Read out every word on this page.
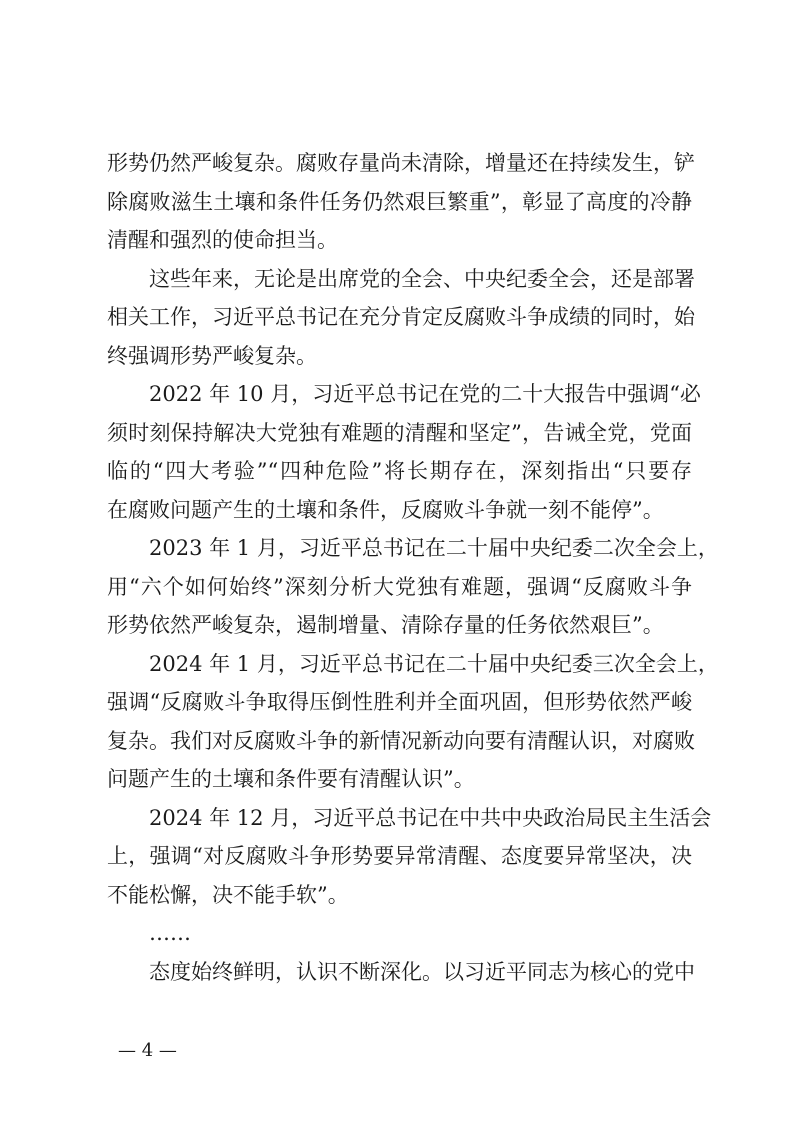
形势仍然严峻复杂。腐败存量尚未清除，增量还在持续发生，铲
除腐败滋生土壤和条件任务仍然艰巨繁重”，彰显了高度的冷静
清醒和强烈的使命担当。
这些年来，无论是出席党的全会、中央纪委全会，还是部署
相关工作，习近平总书记在充分肯定反腐败斗争成绩的同时，始
终强调形势严峻复杂。
2022 年 10 月，习近平总书记在党的二十大报告中强调“必
须时刻保持解决大党独有难题的清醒和坚定”，告诫全党，党面
临的“四大考验”“四种危险”将长期存在，深刻指出“只要存
在腐败问题产生的土壤和条件，反腐败斗争就一刻不能停”。
2023 年 1 月，习近平总书记在二十届中央纪委二次全会上，
用“六个如何始终”深刻分析大党独有难题，强调“反腐败斗争
形势依然严峻复杂，遏制增量、清除存量的任务依然艰巨”。
2024 年 1 月，习近平总书记在二十届中央纪委三次全会上，
强调“反腐败斗争取得压倒性胜利并全面巩固，但形势依然严峻
复杂。我们对反腐败斗争的新情况新动向要有清醒认识，对腐败
问题产生的土壤和条件要有清醒认识”。
2024 年 12 月，习近平总书记在中共中央政治局民主生活会
上，强调“对反腐败斗争形势要异常清醒、态度要异常坚决，决
不能松懈，决不能手软”。
……
态度始终鲜明，认识不断深化。以习近平同志为核心的党中
— 4 —
